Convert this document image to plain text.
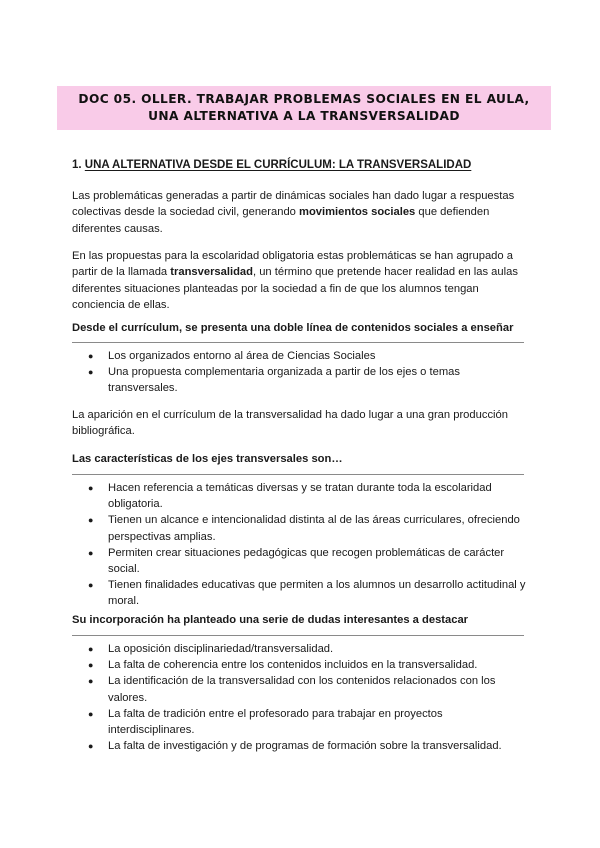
DOC 05. OLLER. TRABAJAR PROBLEMAS SOCIALES EN EL AULA,
UNA ALTERNATIVA A LA TRANSVERSALIDAD
1. UNA ALTERNATIVA DESDE EL CURRÍCULUM: LA TRANSVERSALIDAD

Las problemáticas generadas a partir de dinámicas sociales han dado lugar a respuestas colectivas desde la sociedad civil, generando movimientos sociales que defienden diferentes causas.

En las propuestas para la escolaridad obligatoria estas problemáticas se han agrupado a partir de la llamada transversalidad, un término que pretende hacer realidad en las aulas diferentes situaciones planteadas por la sociedad a fin de que los alumnos tengan conciencia de ellas.

Desde el currículum, se presenta una doble línea de contenidos sociales a enseñar
● Los organizados entorno al área de Ciencias Sociales
● Una propuesta complementaria organizada a partir de los ejes o temas transversales.

La aparición en el currículum de la transversalidad ha dado lugar a una gran producción bibliográfica.

Las características de los ejes transversales son…
● Hacen referencia a temáticas diversas y se tratan durante toda la escolaridad obligatoria.
● Tienen un alcance e intencionalidad distinta al de las áreas curriculares, ofreciendo perspectivas amplias.
● Permiten crear situaciones pedagógicas que recogen problemáticas de carácter social.
● Tienen finalidades educativas que permiten a los alumnos un desarrollo actitudinal y moral.
Su incorporación ha planteado una serie de dudas interesantes a destacar
● La oposición disciplinariedad/transversalidad.
● La falta de coherencia entre los contenidos incluidos en la transversalidad.
● La identificación de la transversalidad con los contenidos relacionados con los valores.
● La falta de tradición entre el profesorado para trabajar en proyectos interdisciplinares.
● La falta de investigación y de programas de formación sobre la transversalidad.
